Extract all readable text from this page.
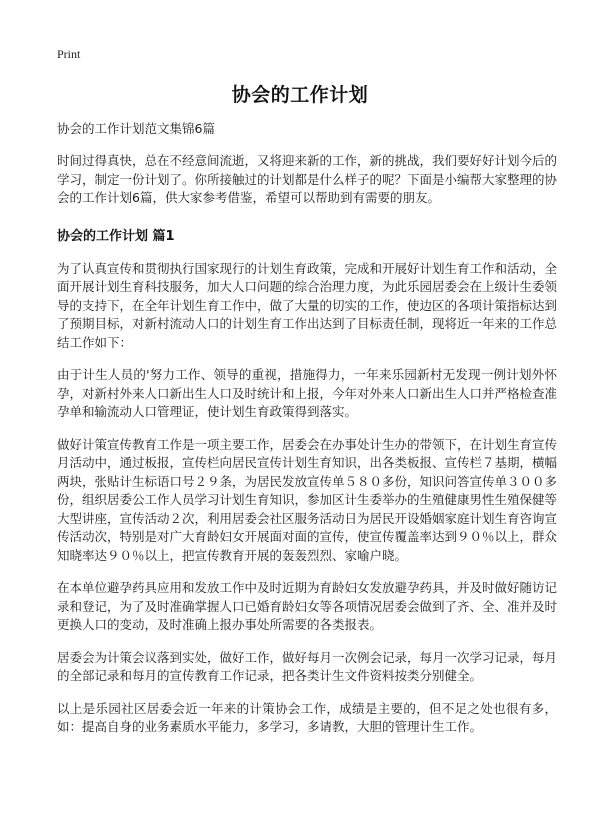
Print
协会的工作计划

协会的工作计划范文集锦6篇

时间过得真快，总在不经意间流逝，又将迎来新的工作，新的挑战，我们要好好计划今后的学习，制定一份计划了。你所接触过的计划都是什么样子的呢？下面是小编帮大家整理的协会的工作计划6篇，供大家参考借鉴，希望可以帮助到有需要的朋友。

协会的工作计划 篇1

为了认真宣传和贯彻执行国家现行的计划生育政策，完成和开展好计划生育工作和活动，全面开展计划生育科技服务，加大人口问题的综合治理力度，为此乐园居委会在上级计生委领导的支持下，在全年计划生育工作中，做了大量的切实的工作，使边区的各项计策指标达到了预期目标，对新村流动人口的计划生育工作出达到了目标责任制，现将近一年来的工作总结工作如下：

由于计生人员的'努力工作、领导的重视，措施得力，一年来乐园新村无发现一例计划外怀孕，对新村外来人口新出生人口及时统计和上报，今年对外来人口新出生人口并严格检查准孕单和输流动人口管理证，使计划生育政策得到落实。

做好计策宣传教育工作是一项主要工作，居委会在办事处计生办的带领下，在计划生育宣传月活动中，通过板报，宣传栏向居民宣传计划生育知识，出各类板报、宣传栏７基期，横幅两块，张贴计生标语口号２９条，为居民发放宣传单５８０多份，知识问答宣传单３００多份，组织居委公工作人员学习计划生育知识，参加区计生委举办的生殖健康男性生殖保健等大型讲座，宣传活动２次，利用居委会社区服务活动日为居民开设婚姻家庭计划生育咨询宣传活动次，特别是对广大育龄妇女开展面对面的宣传，使宣传覆盖率达到９０％以上，群众知晓率达９０％以上，把宣传教育开展的轰轰烈烈、家喻户晓。

在本单位避孕药具应用和发放工作中及时近期为育龄妇女发放避孕药具，并及时做好随访记录和登记，为了及时准确掌握人口已婚育龄妇女等各项情况居委会做到了齐、全、准并及时更换人口的变动，及时准确上报办事处所需要的各类报表。

居委会为计策会议落到实处，做好工作，做好每月一次例会记录，每月一次学习记录，每月的全部记录和每月的宣传教育工作记录，把各类计生文件资料按类分别健全。

以上是乐园社区居委会近一年来的计策协会工作，成绩是主要的，但不足之处也很有多，如：提高自身的业务素质水平能力，多学习，多请教，大胆的管理计生工作。
